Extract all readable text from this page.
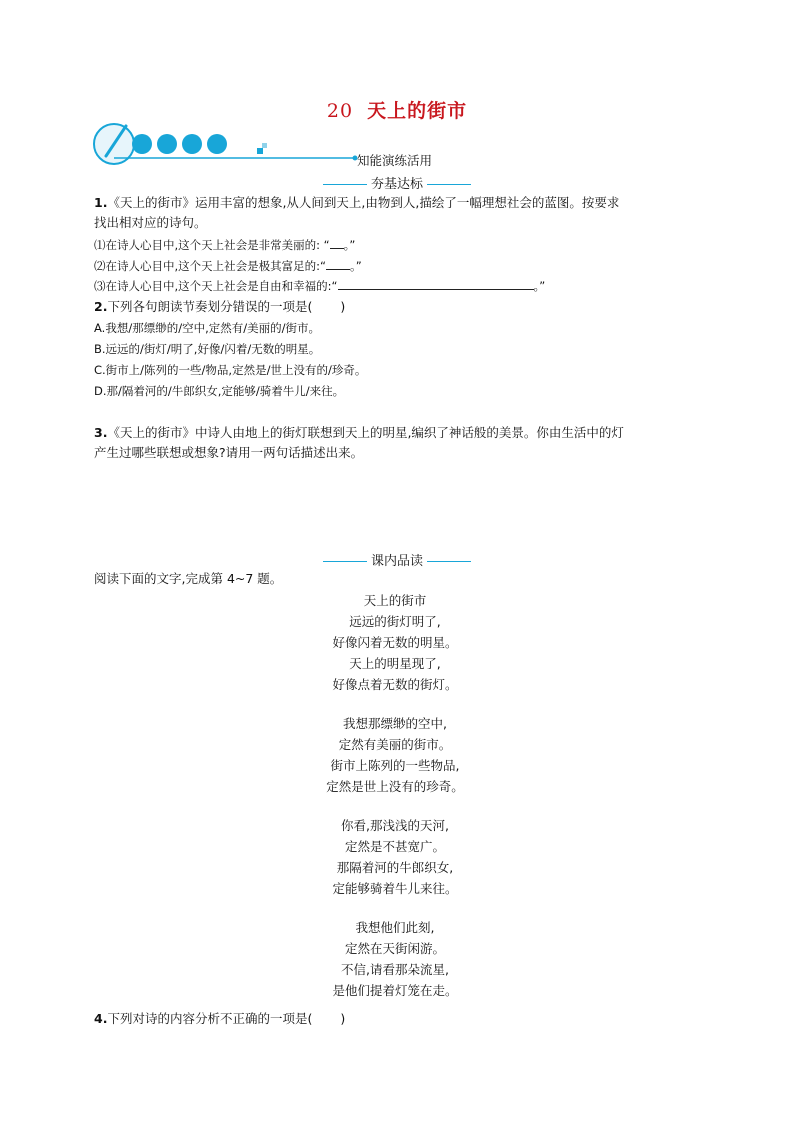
20 天上的街市
知能演练活用
夯基达标
1.《天上的街市》运用丰富的想象,从人间到天上,由物到人,描绘了一幅理想社会的蓝图。按要求
找出相对应的诗句。
⑴在诗人心目中,这个天上社会是非常美丽的: “ 。”
⑵在诗人心目中,这个天上社会是极其富足的:“ 。”
⑶在诗人心目中,这个天上社会是自由和幸福的:“	。”
2.下列各句朗读节奏划分错误的一项是( )
A.我想/那缥缈的/空中,定然有/美丽的/街市。
B.远远的/街灯/明了,好像/闪着/无数的明星。
C.街市上/陈列的一些/物品,定然是/世上没有的/珍奇。
D.那/隔着河的/牛郎织女,定能够/骑着牛儿/来往。
3.《天上的街市》中诗人由地上的街灯联想到天上的明星,编织了神话般的美景。你由生活中的灯
产生过哪些联想或想象?请用一两句话描述出来。
课内品读
阅读下面的文字,完成第 4~7 题。
天上的街市
远远的街灯明了,
好像闪着无数的明星。
天上的明星现了,
好像点着无数的街灯。
我想那缥缈的空中,
定然有美丽的街市。
街市上陈列的一些物品,
定然是世上没有的珍奇。
你看,那浅浅的天河,
定然是不甚宽广。
那隔着河的牛郎织女,
定能够骑着牛儿来往。
我想他们此刻,
定然在天街闲游。
不信,请看那朵流星,
是他们提着灯笼在走。
4.下列对诗的内容分析不正确的一项是( )
